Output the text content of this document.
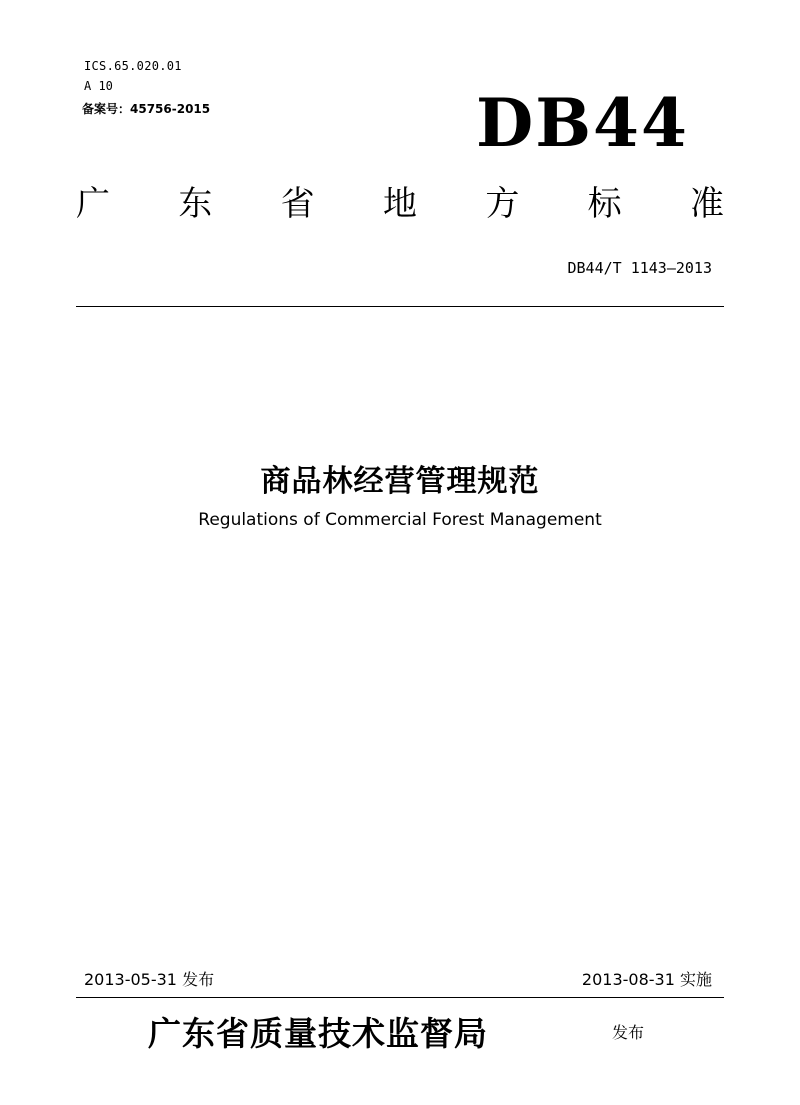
ICS.65.020.01
A 10
备案号：45756-2015	DB44
广 东 省 地 方 标 准
DB44/T 1143—2013
商品林经营管理规范
Regulations of Commercial Forest Management
2013-05-31 发布	2013-08-31 实施
广东省质量技术监督局	发布
